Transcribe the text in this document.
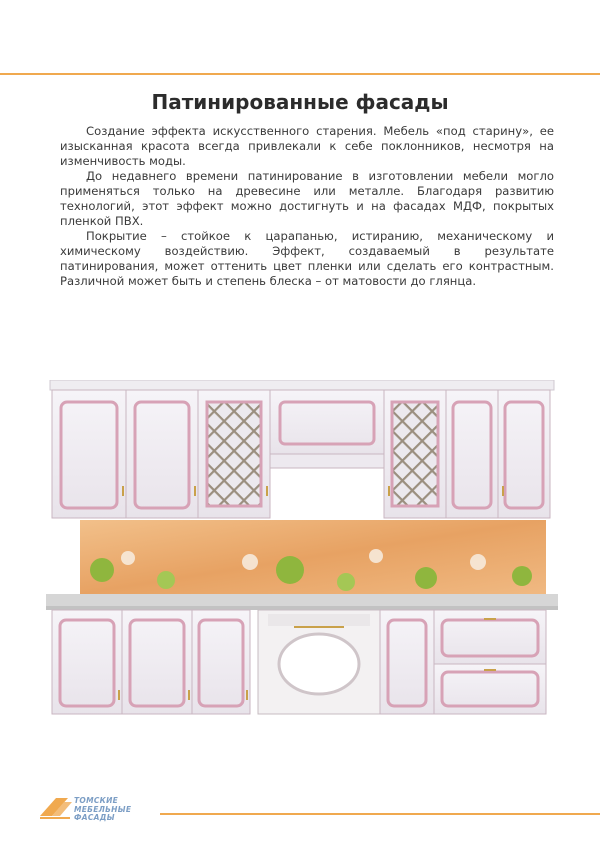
Патинированные фасады

Создание эффекта искусственного старения. Мебель «под старину», ее изысканная красота всегда привлекали к себе поклонников, несмотря на изменчивость моды.

До недавнего времени патинирование в изготовлении мебели могло применяться только на древесине или металле. Благодаря развитию технологий, этот эффект можно достигнуть и на фасадах МДФ, покрытых пленкой ПВХ.

Покрытие – стойкое к царапанью, истиранию, механическому и химическому воздействию. Эффект, создаваемый в результате патинирования, может оттенить цвет пленки или сделать его контрастным. Различной может быть и степень блеска – от матовости до глянца.

ТОМСКИЕ
МЕБЕЛЬНЫЕ
ФАСАДЫ
